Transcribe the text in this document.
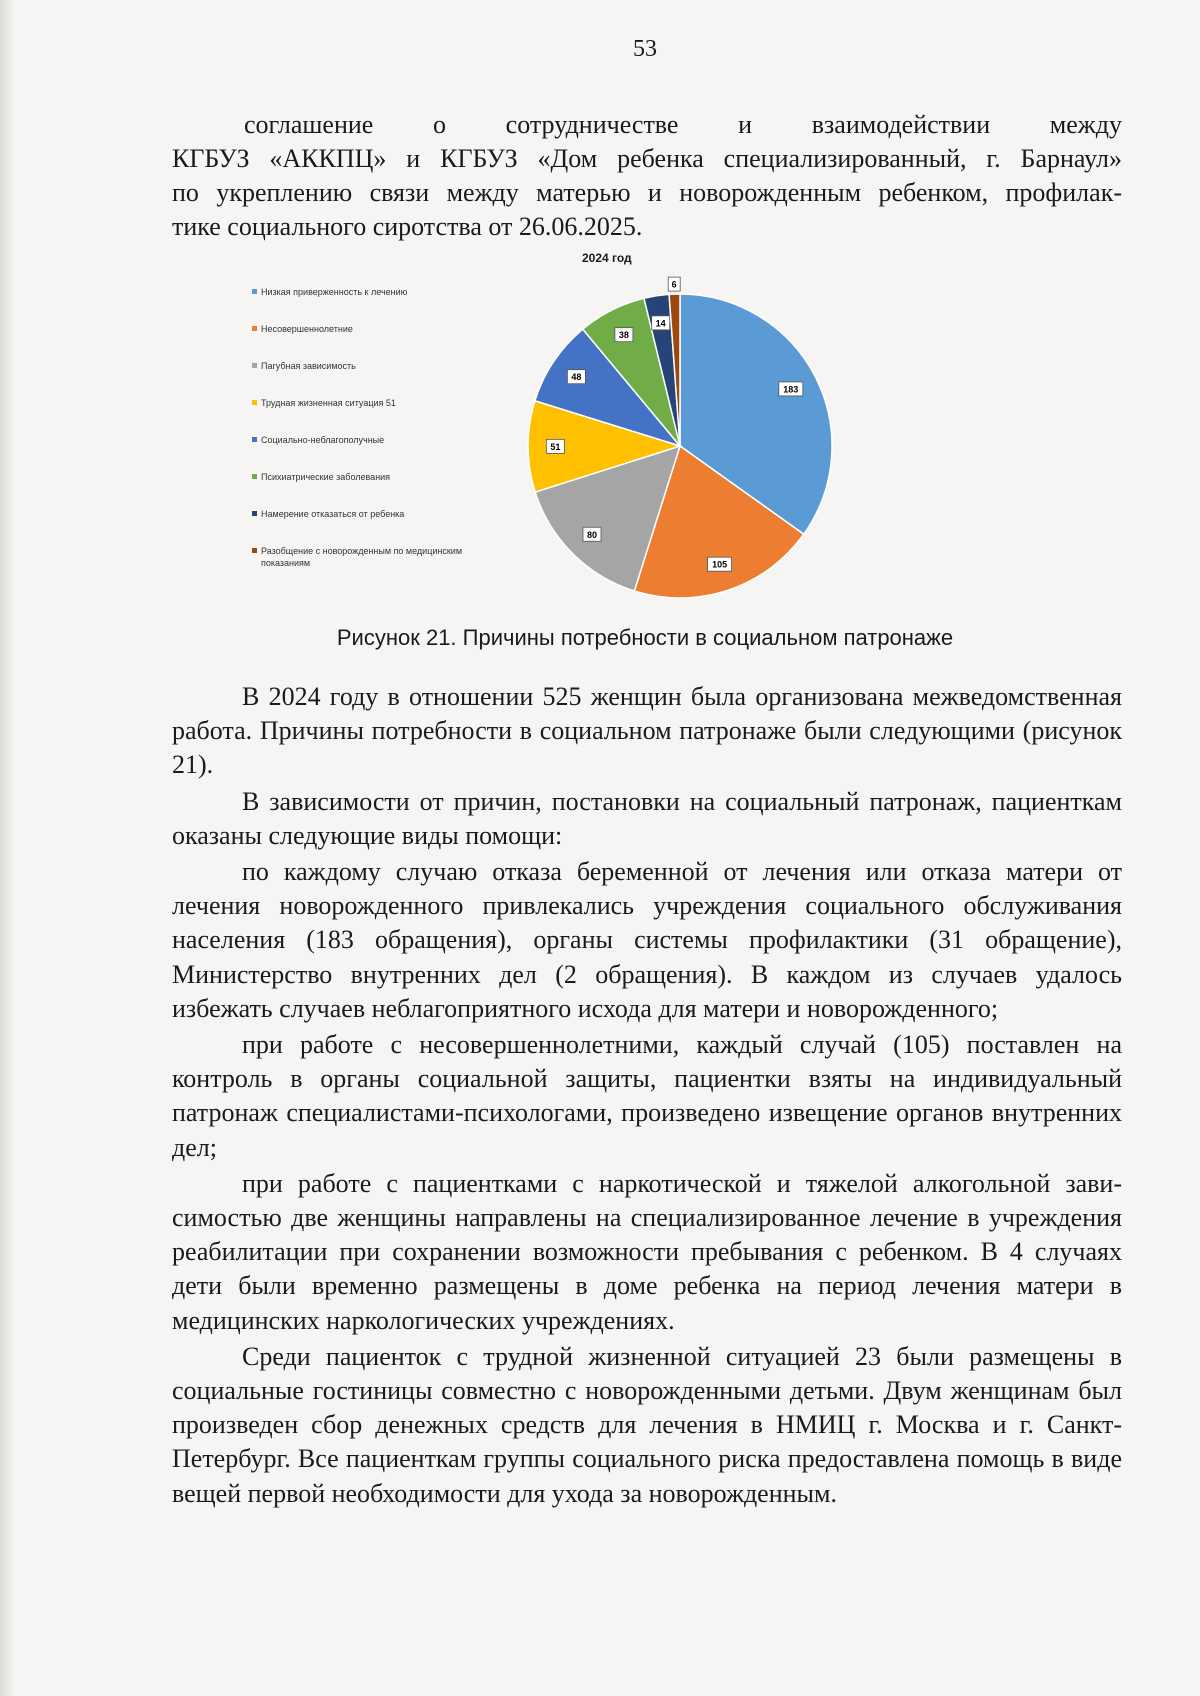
53

соглашение о сотрудничестве и взаимодействии между

КГБУЗ «АККПЦ» и КГБУЗ «Дом ребенка специализированный, г. Барнаул»

по укреплению связи между матерью и новорожденным ребенком, профилак-

тике социального сиротства от 26.06.2025.

2024 год
Низкая приверженность к лечению
Несовершеннолетние
Пагубная зависимость
Трудная жизненная ситуация 51
Социально-неблагополучные
Психиатрические заболевания
Намерение отказаться от ребенка
Разобщение с новорожденным по медицинским показаниям
183
105
80
51
48
38
14
6
Рисунок 21. Причины потребности в социальном патронаже

В 2024 году в отношении 525 женщин была организована межведомственная работа. Причины потребности в социальном патронаже были следующими (рисунок 21).

В зависимости от причин, постановки на социальный патронаж, пациенткам оказаны следующие виды помощи:

по каждому случаю отказа беременной от лечения или отказа матери от лечения новорожденного привлекались учреждения социального обслуживания населения (183 обращения), органы системы профилактики (31 обращение), Министерство внутренних дел (2 обращения). В каждом из случаев удалось избежать случаев неблагоприятного исхода для матери и новорожденного;

при работе с несовершеннолетними, каждый случай (105) поставлен на контроль в органы социальной защиты, пациентки взяты на индивидуальный патронаж специалистами-психологами, произведено извещение органов внутренних дел;

при работе с пациентками с наркотической и тяжелой алкогольной зависимостью две женщины направлены на специализированное лечение в учреждения реабилитации при сохранении возможности пребывания с ребенком. В 4 случаях дети были временно размещены в доме ребенка на период лечения матери в медицинских наркологических учреждениях.

Среди пациенток с трудной жизненной ситуацией 23 были размещены в социальные гостиницы совместно с новорожденными детьми. Двум женщинам был произведен сбор денежных средств для лечения в НМИЦ г. Москва и г. Санкт-Петербург. Все пациенткам группы социального риска предоставлена помощь в виде вещей первой необходимости для ухода за новорожденным.
